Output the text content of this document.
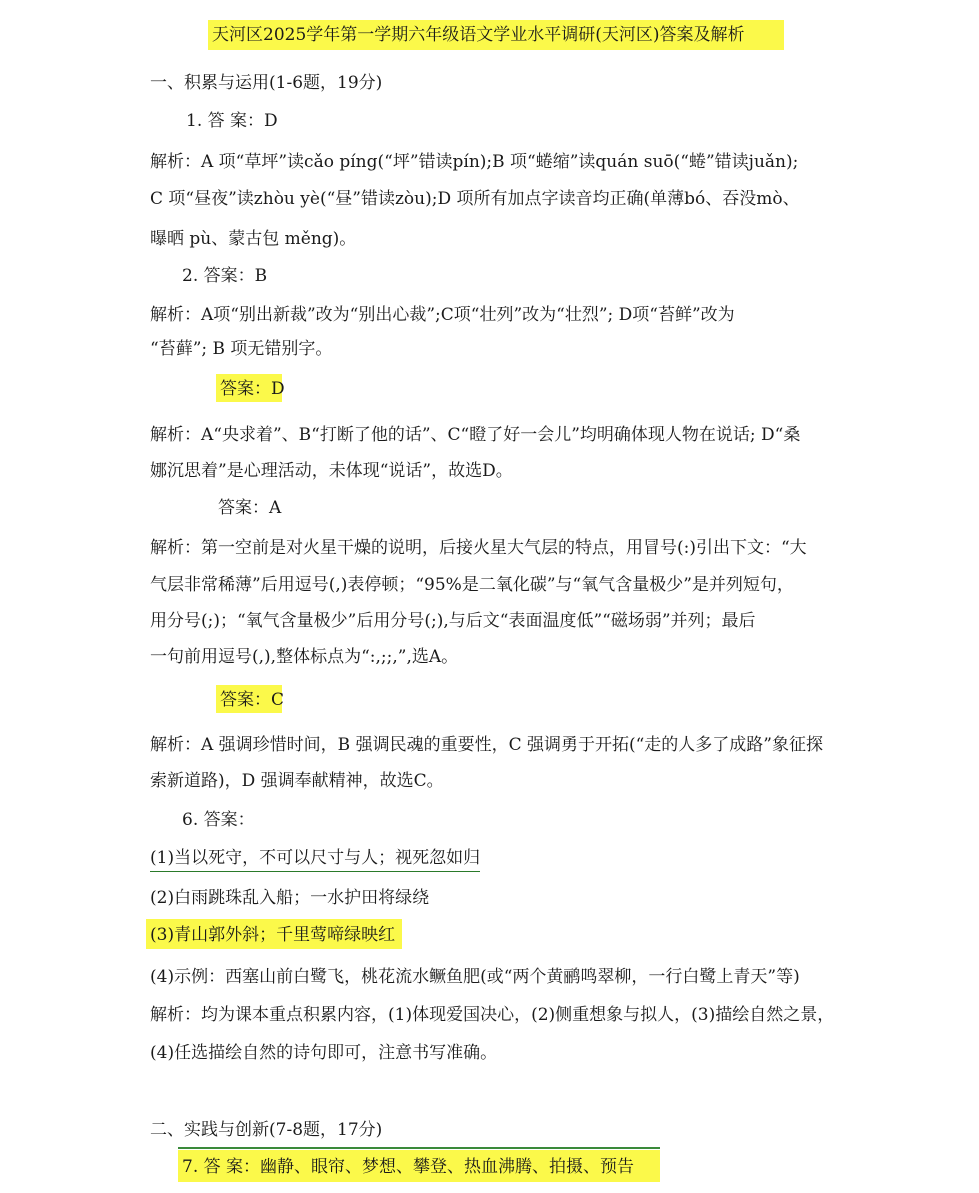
天河区2025学年第一学期六年级语文学业水平调研(天河区)答案及解析
一、积累与运用(1-6题，19分)
1. 答 案：D
解析：A 项“草坪”读cǎo píng(“坪”错读pín);B 项“蜷缩”读quán suō(“蜷”错读juǎn);
C 项“昼夜”读zhòu yè(“昼”错读zòu);D 项所有加点字读音均正确(单薄bó、吞没mò、
曝晒 pù、蒙古包 měng)。
2. 答案：B
解析：A项“别出新裁”改为“别出心裁”;C项“壮列”改为“壮烈”; D项“苔鲜”改为
“苔藓”; B 项无错别字。
答案：D
解析：A“央求着”、B“打断了他的话”、C“瞪了好一会儿”均明确体现人物在说话; D“桑
娜沉思着”是心理活动，未体现“说话”，故选D。
答案：A
解析：第一空前是对火星干燥的说明，后接火星大气层的特点，用冒号(:)引出下文：“大
气层非常稀薄”后用逗号(,)表停顿；“95%是二氧化碳”与“氧气含量极少”是并列短句，
用分号(;)；“氧气含量极少”后用分号(;),与后文“表面温度低”“磁场弱”并列；最后
一句前用逗号(,),整体标点为“:,;;,”,选A。
答案：C
解析：A 强调珍惜时间，B 强调民魂的重要性，C 强调勇于开拓(“走的人多了成路”象征探
索新道路)，D 强调奉献精神，故选C。
6. 答案：
(1)当以死守，不可以尺寸与人；视死忽如归
(2)白雨跳珠乱入船；一水护田将绿绕
(3)青山郭外斜；千里莺啼绿映红
(4)示例：西塞山前白鹭飞，桃花流水鳜鱼肥(或“两个黄鹂鸣翠柳，一行白鹭上青天”等)
解析：均为课本重点积累内容，(1)体现爱国决心，(2)侧重想象与拟人，(3)描绘自然之景，
(4)任选描绘自然的诗句即可，注意书写准确。
二、实践与创新(7-8题，17分)
7. 答 案：幽静、眼帘、梦想、攀登、热血沸腾、拍摄、预告
